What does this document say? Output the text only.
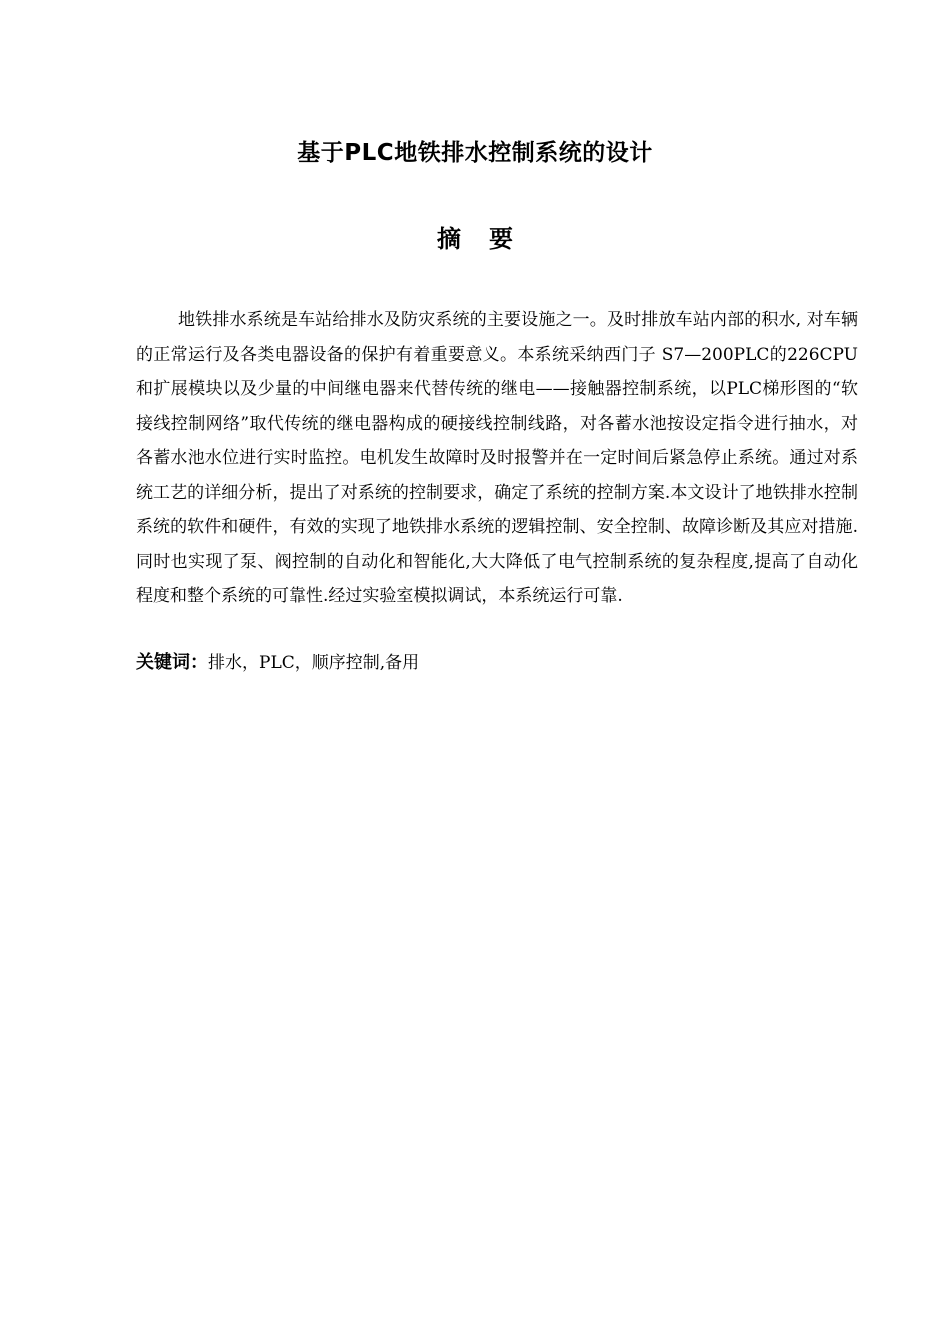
基于PLC地铁排水控制系统的设计
摘要

地铁排水系统是车站给排水及防灾系统的主要设施之一。及时排放车站内部的积水, 对车辆的正常运行及各类电器设备的保护有着重要意义。本系统采纳西门子 S7—200PLC的226CPU和扩展模块以及少量的中间继电器来代替传统的继电——接触器控制系统，以PLC梯形图的“软接线控制网络”取代传统的继电器构成的硬接线控制线路，对各蓄水池按设定指令进行抽水，对各蓄水池水位进行实时监控。电机发生故障时及时报警并在一定时间后紧急停止系统。通过对系统工艺的详细分析，提出了对系统的控制要求，确定了系统的控制方案.本文设计了地铁排水控制系统的软件和硬件，有效的实现了地铁排水系统的逻辑控制、安全控制、故障诊断及其应对措施.同时也实现了泵、阀控制的自动化和智能化,大大降低了电气控制系统的复杂程度,提高了自动化程度和整个系统的可靠性.经过实验室模拟调试，本系统运行可靠.

关键词：排水，PLC，顺序控制,备用
